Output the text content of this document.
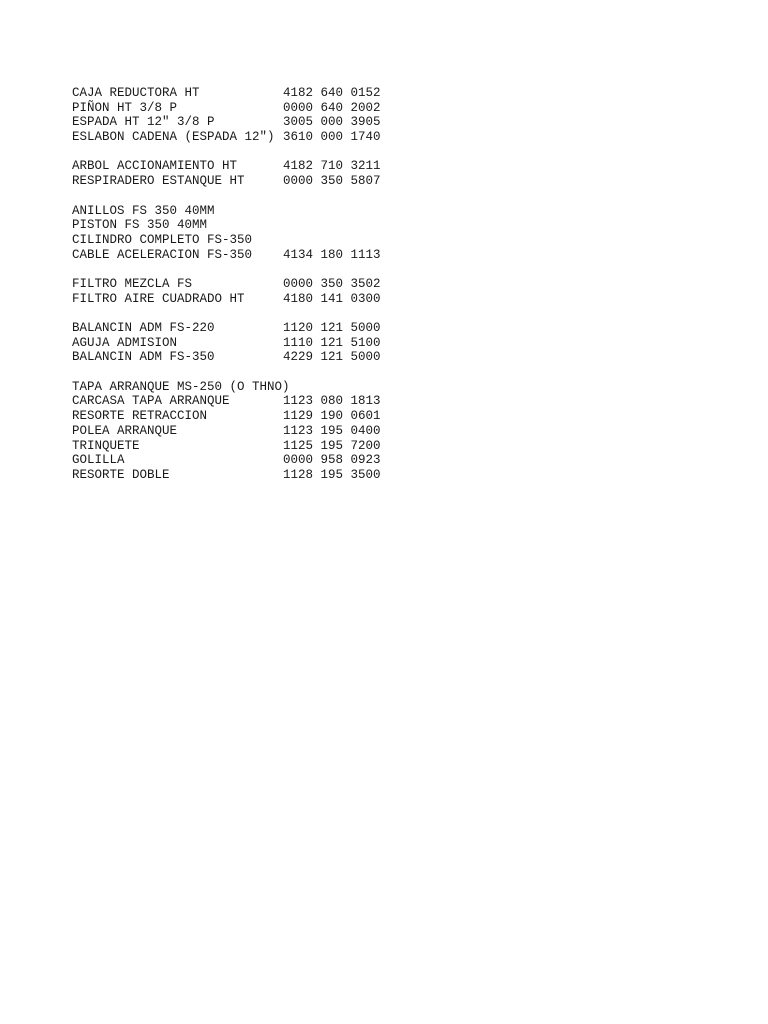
CAJA REDUCTORA HT	4182 640 0152
PIÑON HT 3/8 P	0000 640 2002
ESPADA HT 12" 3/8 P	3005 000 3905
ESLABON CADENA (ESPADA 12") 3610 000 1740
ARBOL ACCIONAMIENTO HT	4182 710 3211
RESPIRADERO ESTANQUE HT	0000 350 5807
ANILLOS FS 350 40MM
PISTON FS 350 40MM
CILINDRO COMPLETO FS-350
CABLE ACELERACION FS-350	4134 180 1113
FILTRO MEZCLA FS	0000 350 3502
FILTRO AIRE CUADRADO HT	4180 141 0300
BALANCIN ADM FS-220	1120 121 5000
AGUJA ADMISION	1110 121 5100
BALANCIN ADM FS-350	4229 121 5000
TAPA ARRANQUE MS-250 (O THNO)
CARCASA TAPA ARRANQUE	1123 080 1813
RESORTE RETRACCION	1129 190 0601
POLEA ARRANQUE	1123 195 0400
TRINQUETE	1125 195 7200
GOLILLA	0000 958 0923
RESORTE DOBLE	1128 195 3500
